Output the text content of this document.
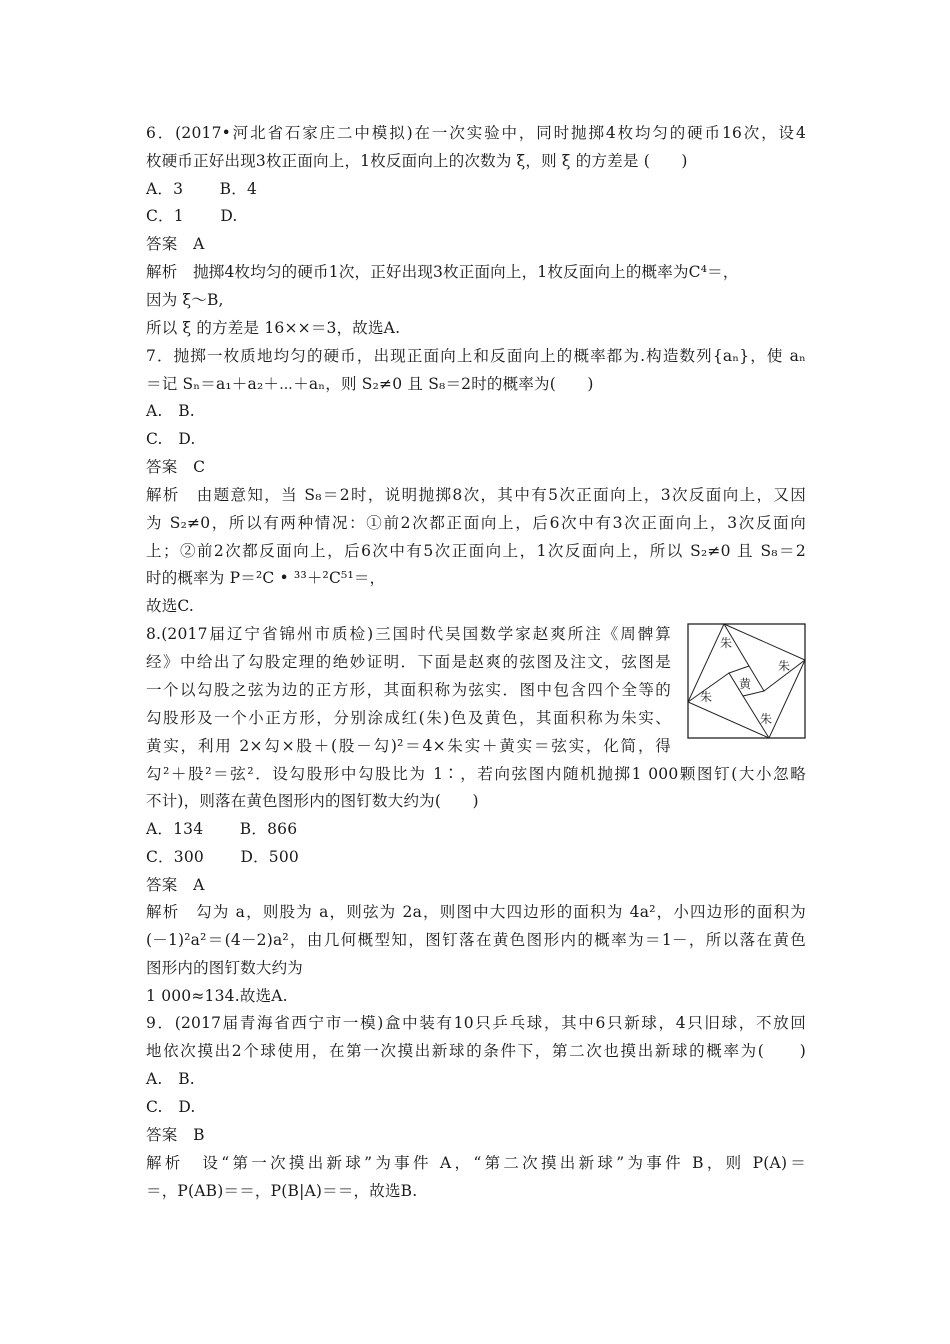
6．(2017•河北省石家庄二中模拟)在一次实验中，同时抛掷4枚均匀的硬币16次，设4
枚硬币正好出现3枚正面向上，1枚反面向上的次数为 ξ，则 ξ 的方差是 (　　)
A．3　　 B．4
C．1　　 D.
答案　A
解析　抛掷4枚均匀的硬币1次，正好出现3枚正面向上，1枚反面向上的概率为C⁴＝，
因为 ξ～B,
所以 ξ 的方差是 16××＝3，故选A.
7．抛掷一枚质地均匀的硬币，出现正面向上和反面向上的概率都为.构造数列{aₙ}，使 aₙ
＝记 Sₙ＝a₁＋a₂＋⋯＋aₙ，则 S₂≠0 且 S₈＝2时的概率为(　　)
A.　B.
C.　D.
答案　C
解析　由题意知，当 S₈＝2时，说明抛掷8次，其中有5次正面向上，3次反面向上，又因
为 S₂≠0，所以有两种情况：①前2次都正面向上，后6次中有3次正面向上，3次反面向
上；②前2次都反面向上，后6次中有5次正面向上，1次反面向上，所以 S₂≠0 且 S₈＝2
时的概率为 P＝²C • ³³＋²C⁵¹＝，
故选C.
8.(2017届辽宁省锦州市质检)三国时代吴国数学家赵爽所注《周髀算
经》中给出了勾股定理的绝妙证明．下面是赵爽的弦图及注文，弦图是
一个以勾股之弦为边的正方形，其面积称为弦实．图中包含四个全等的
勾股形及一个小正方形，分别涂成红(朱)色及黄色，其面积称为朱实、
黄实，利用 2×勾×股＋(股－勾)²＝4×朱实＋黄实＝弦实，化简，得
勾²＋股²＝弦²．设勾股形中勾股比为 1∶，若向弦图内随机抛掷1 000颗图钉(大小忽略
不计)，则落在黄色图形内的图钉数大约为(　　)
A．134　　 B．866
C．300　　 D．500
答案　A
解析　勾为 a，则股为 a，则弦为 2a，则图中大四边形的面积为 4a²，小四边形的面积为
(－1)²a²＝(4－2)a²，由几何概型知，图钉落在黄色图形内的概率为＝1－，所以落在黄色
图形内的图钉数大约为
1 000≈134.故选A.
朱
朱
黄
朱
朱
9．(2017届青海省西宁市一模)盒中装有10只乒乓球，其中6只新球，4只旧球，不放回
地依次摸出2个球使用，在第一次摸出新球的条件下，第二次也摸出新球的概率为(　　)
A.　B.
C.　D.
答案　B
解析　设“第一次摸出新球”为事件 A，“第二次摸出新球”为事件 B，则 P(A)＝
＝，P(AB)＝＝，P(B|A)＝＝，故选B.
